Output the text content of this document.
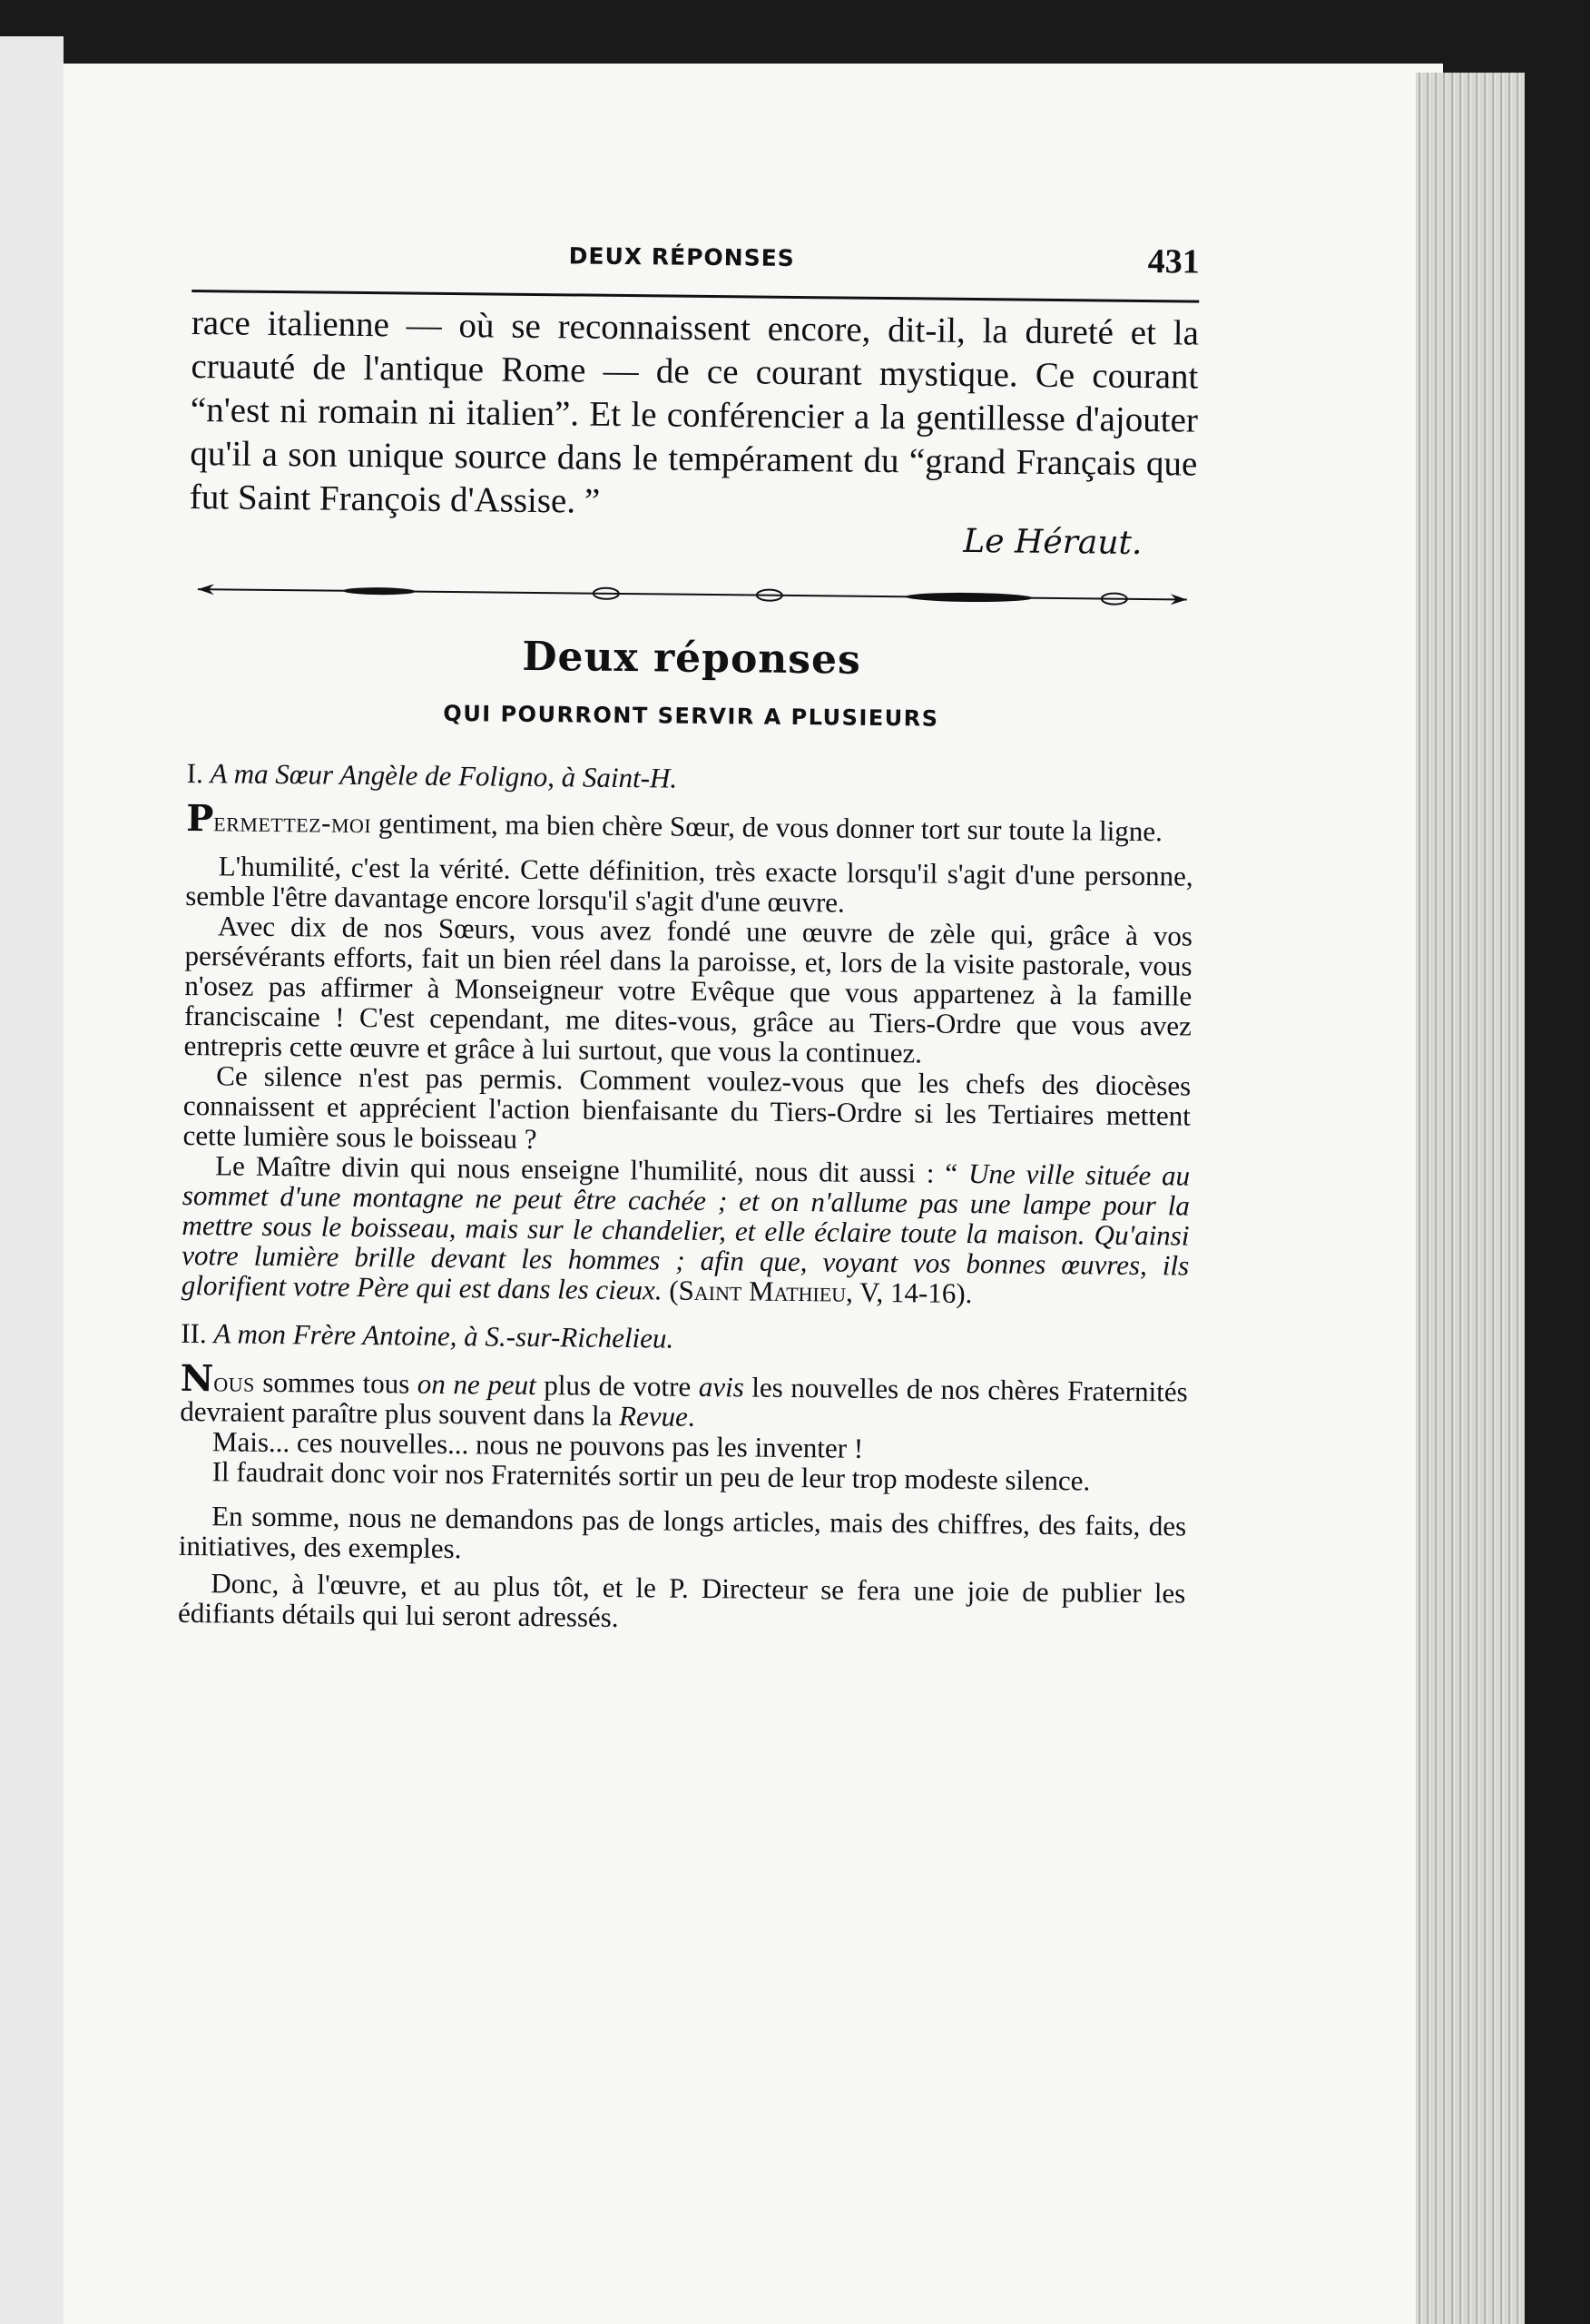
DEUX RÉPONSES	431

race italienne — où se reconnaissent encore, dit-il, la dureté et la cruauté de l'antique Rome — de ce courant mystique. Ce courant “n'est ni romain ni italien”. Et le conférencier a la gentillesse d'ajouter qu'il a son unique source dans le tempérament du “grand Français que fut Saint François d'Assise. ”

Le Héraut.
Deux réponses
QUI POURRONT SERVIR A PLUSIEURS
I. A ma Sœur Angèle de Foligno, à Saint-H.

Permettez-moi gentiment, ma bien chère Sœur, de vous donner tort sur toute la ligne.

L'humilité, c'est la vérité. Cette définition, très exacte lorsqu'il s'agit d'une personne, semble l'être davantage encore lorsqu'il s'agit d'une œuvre.

Avec dix de nos Sœurs, vous avez fondé une œuvre de zèle qui, grâce à vos persévérants efforts, fait un bien réel dans la paroisse, et, lors de la visite pastorale, vous n'osez pas affirmer à Monseigneur votre Evêque que vous appartenez à la famille franciscaine ! C'est cependant, me dites-vous, grâce au Tiers-Ordre que vous avez entrepris cette œuvre et grâce à lui surtout, que vous la continuez.

Ce silence n'est pas permis. Comment voulez-vous que les chefs des diocèses connaissent et apprécient l'action bienfaisante du Tiers-Ordre si les Tertiaires mettent cette lumière sous le boisseau ?

Le Maître divin qui nous enseigne l'humilité, nous dit aussi : “ Une ville située au sommet d'une montagne ne peut être cachée ; et on n'allume pas une lampe pour la mettre sous le boisseau, mais sur le chandelier, et elle éclaire toute la maison. Qu'ainsi votre lumière brille devant les hommes ; afin que, voyant vos bonnes œuvres, ils glorifient votre Père qui est dans les cieux. (Saint Mathieu, V, 14-16).

II. A mon Frère Antoine, à S.-sur-Richelieu.

Nous sommes tous on ne peut plus de votre avis les nouvelles de nos chères Fraternités devraient paraître plus souvent dans la Revue.

Mais... ces nouvelles... nous ne pouvons pas les inventer !

Il faudrait donc voir nos Fraternités sortir un peu de leur trop modeste silence.

En somme, nous ne demandons pas de longs articles, mais des chiffres, des faits, des initiatives, des exemples.

Donc, à l'œuvre, et au plus tôt, et le P. Directeur se fera une joie de publier les édifiants détails qui lui seront adressés.
